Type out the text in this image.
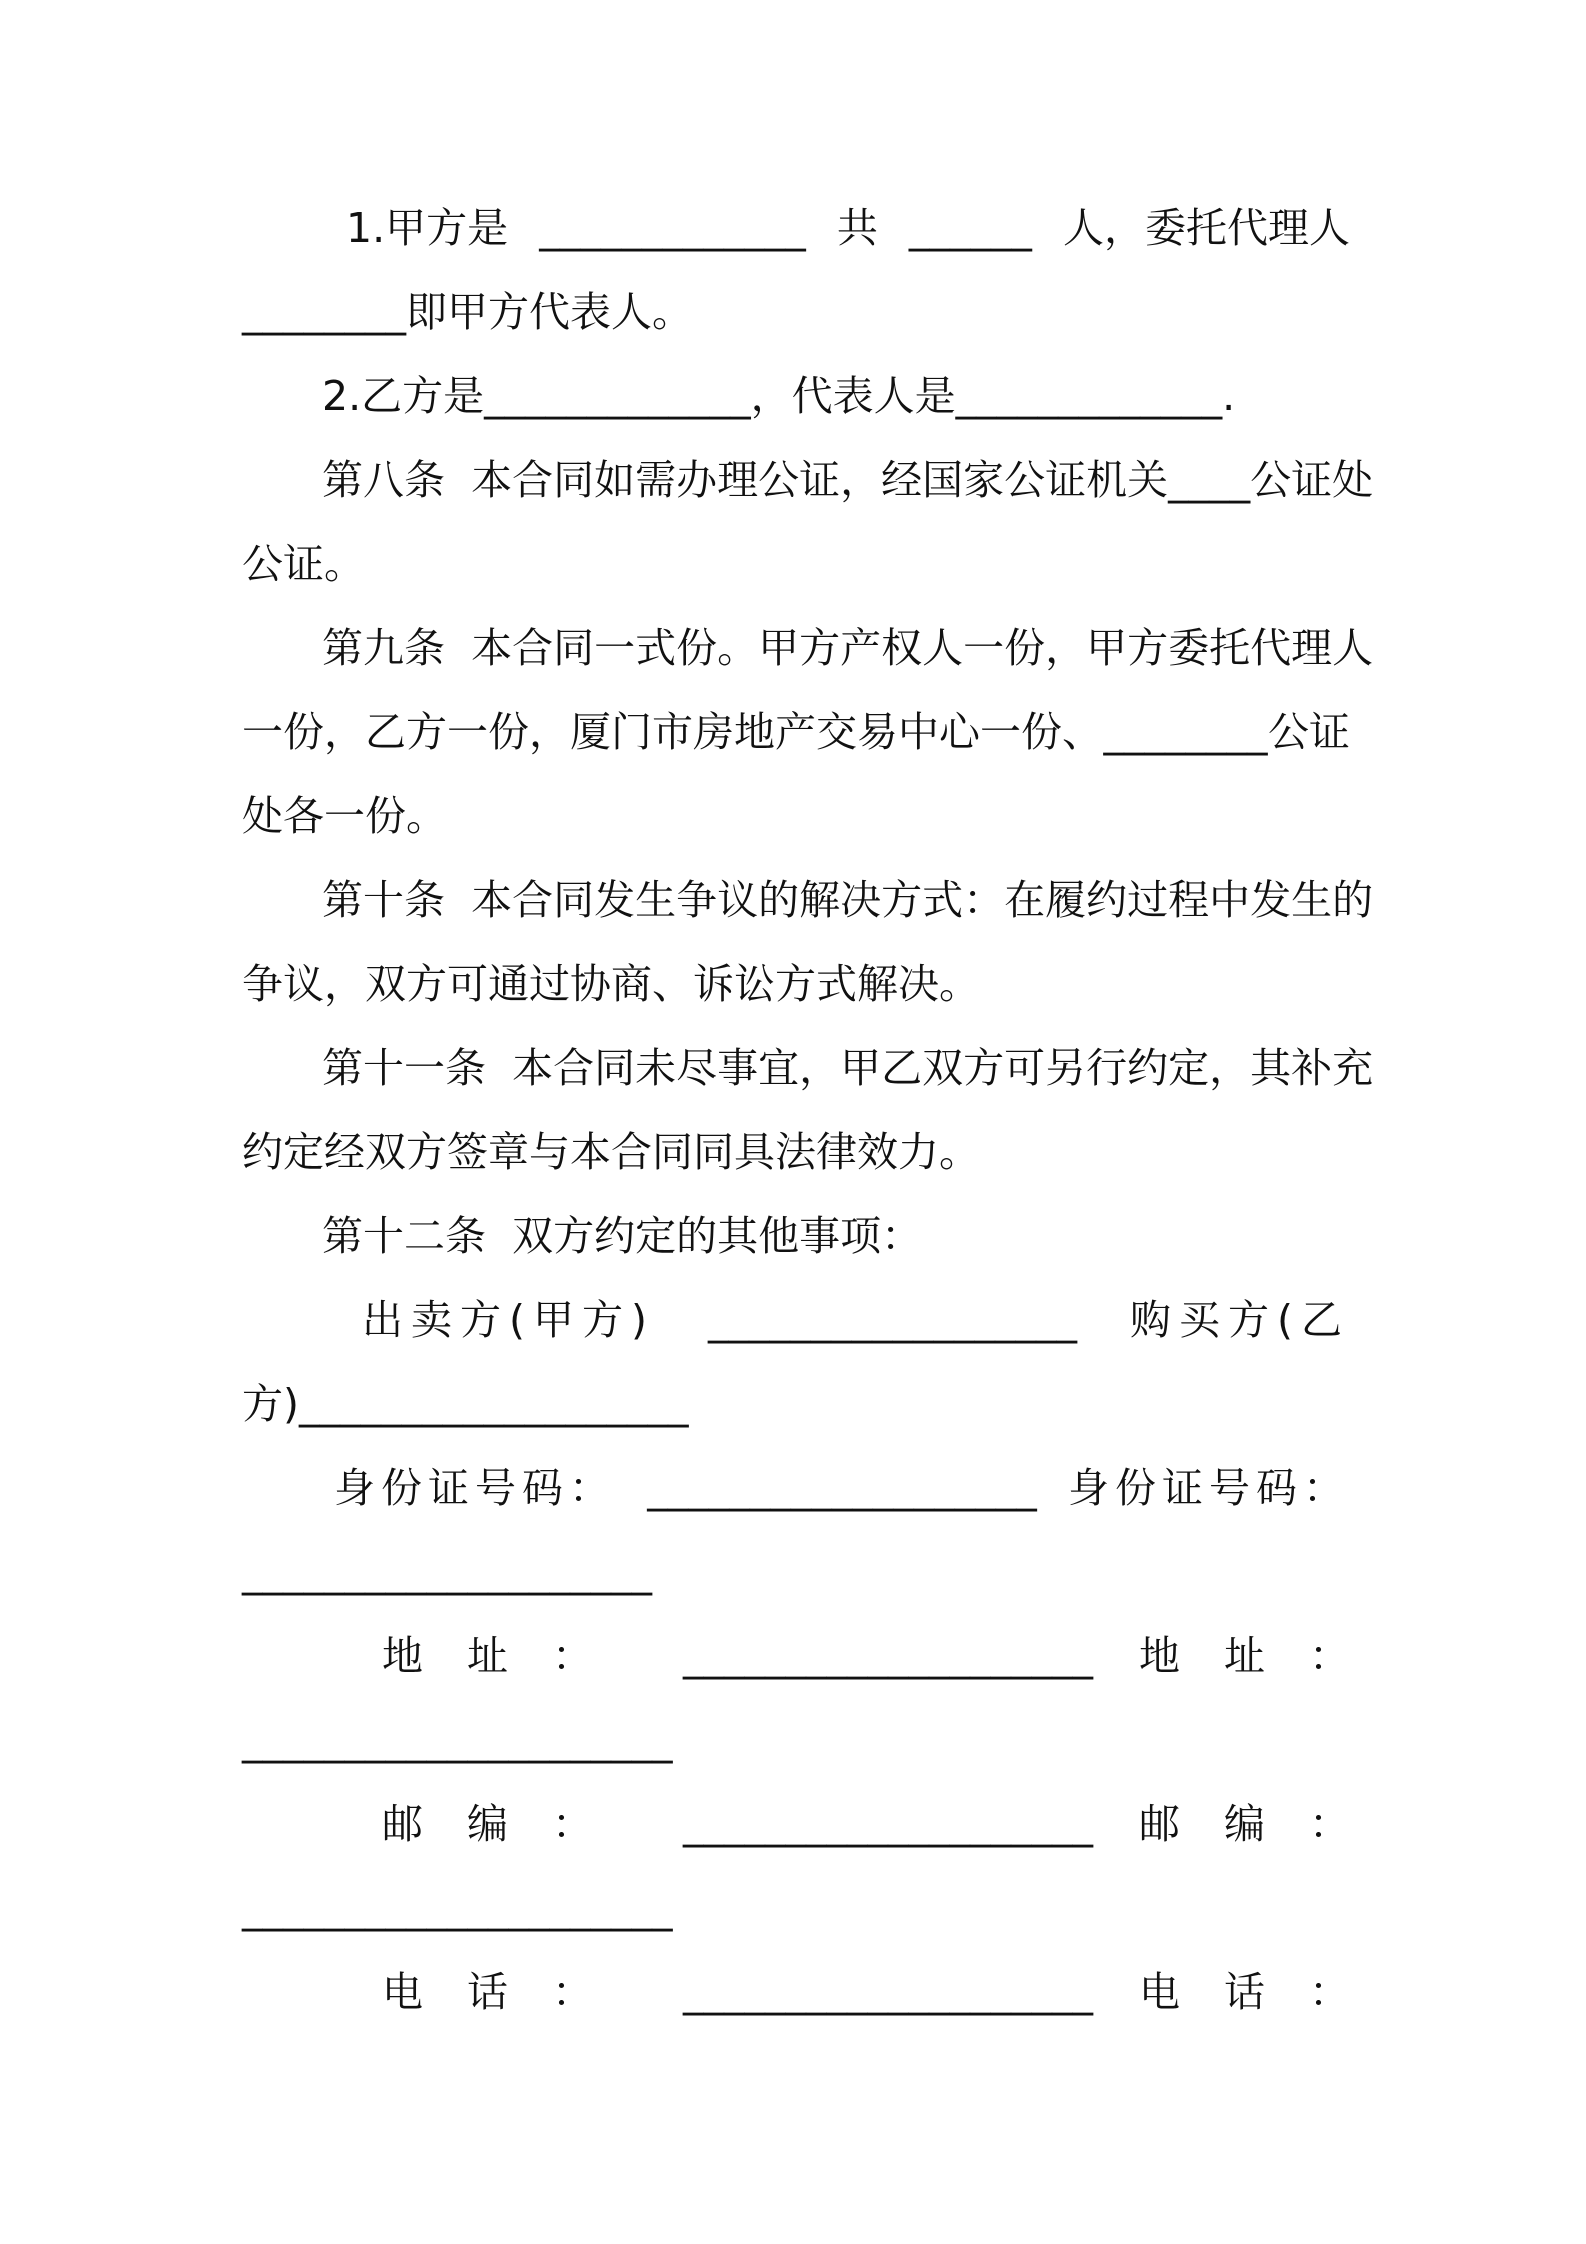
1.甲方是 _____________ 共 ______ 人，委托代理人
________即甲方代表人。
2.乙方是_____________，代表人是_____________.
第八条  本合同如需办理公证，经国家公证机关____公证处
公证。
第九条  本合同一式份。甲方产权人一份，甲方委托代理人
一份，乙方一份，厦门市房地产交易中心一份、 ________ 公证
处各一份。
第十条  本合同发生争议的解决方式：在履约过程中发生的
争议，双方可通过协商、诉讼方式解决。
第十一条  本合同未尽事宜，甲乙双方可另行约定，其补充
约定经双方签章与本合同同具法律效力。
第十二条  双方约定的其他事项：
出卖方(甲方) __________________ 购买方(乙
方)___________________
身份证号码： ___________________ 身份证号码：
____________________
地址： ____________________ 地址：
_____________________
邮编： ____________________ 邮编：
_____________________
电话： ____________________ 电话：
